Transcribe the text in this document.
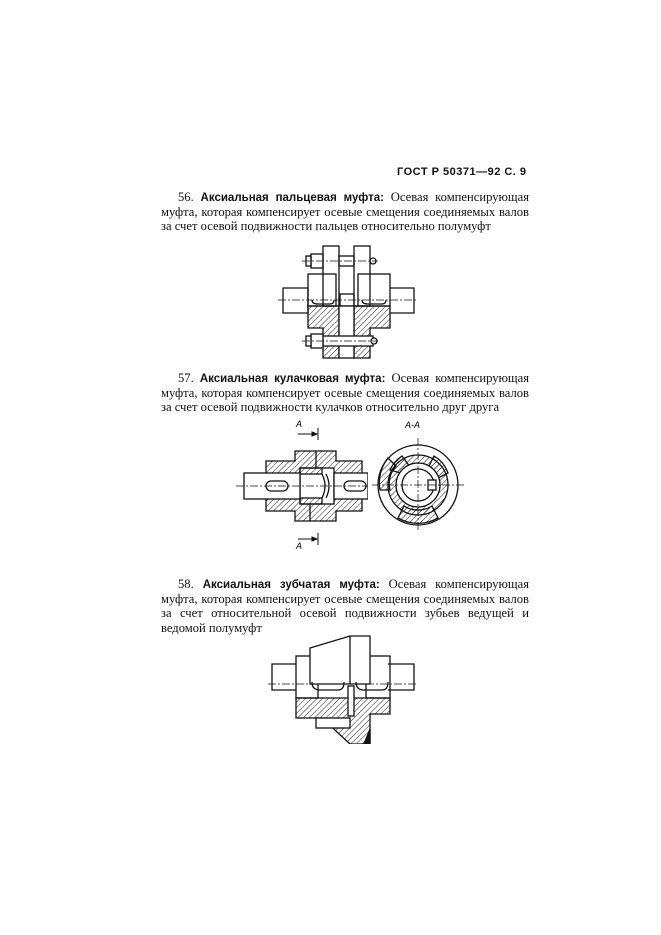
ГОСТ Р 50371—92 С. 9

56. Аксиальная пальцевая муфта: Осевая компенсирующая муфта, которая компенсирует осевые смещения соединяемых валов за счет осевой подвижности пальцев относительно полумуфт

57. Аксиальная кулачковая муфта: Осевая компенсирующая муфта, которая компенсирует осевые смещения соединяемых валов за счет осевой подвижности кулачков относительно друг друга

A
A
A-A

58. Аксиальная зубчатая муфта: Осевая компенсирующая муфта, которая компенсирует осевые смещения соединяемых валов за счет относительной осевой подвижности зубьев ведущей и ведомой полумуфт
